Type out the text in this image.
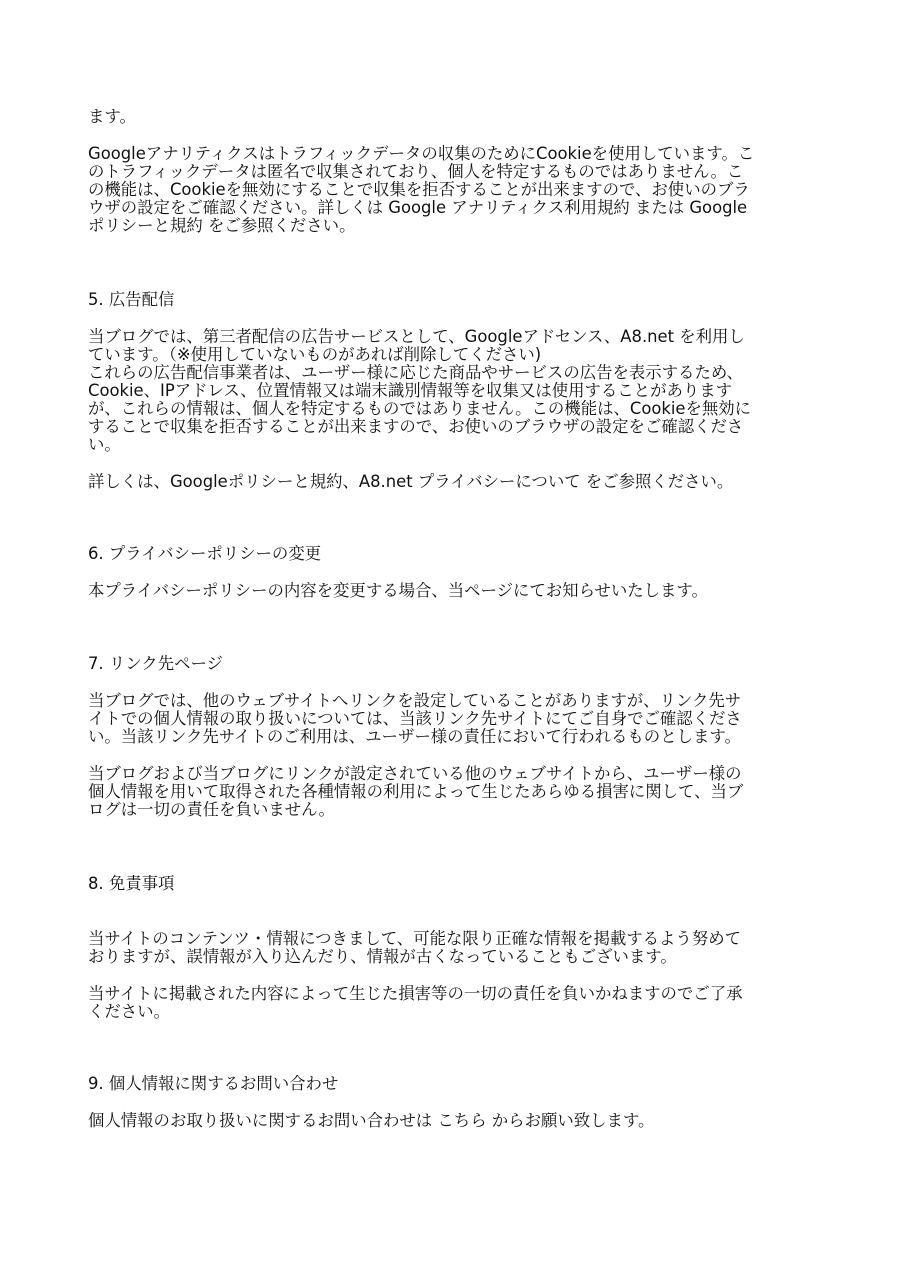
ます。
Googleアナリティクスはトラフィックデータの収集のためにCookieを使用しています。こ
のトラフィックデータは匿名で収集されており、個人を特定するものではありません。こ
の機能は、Cookieを無効にすることで収集を拒否することが出来ますので、お使いのブラ
ウザの設定をご確認ください。詳しくは Google アナリティクス利用規約 または Google
ポリシーと規約 をご参照ください。
5. 広告配信
当ブログでは、第三者配信の広告サービスとして、Googleアドセンス、A8.net を利用し
ています。（※使用していないものがあれば削除してください)
これらの広告配信事業者は、ユーザー様に応じた商品やサービスの広告を表示するため、
Cookie、IPアドレス、位置情報又は端末識別情報等を収集又は使用することがあります
が、これらの情報は、個人を特定するものではありません。この機能は、Cookieを無効に
することで収集を拒否することが出来ますので、お使いのブラウザの設定をご確認くださ
い。
詳しくは、Googleポリシーと規約、A8.net プライバシーについて をご参照ください。
6. プライバシーポリシーの変更
本プライバシーポリシーの内容を変更する場合、当ページにてお知らせいたします。
7. リンク先ページ
当ブログでは、他のウェブサイトへリンクを設定していることがありますが、リンク先サ
イトでの個人情報の取り扱いについては、当該リンク先サイトにてご自身でご確認くださ
い。当該リンク先サイトのご利用は、ユーザー様の責任において行われるものとします。
当ブログおよび当ブログにリンクが設定されている他のウェブサイトから、ユーザー様の
個人情報を用いて取得された各種情報の利用によって生じたあらゆる損害に関して、当ブ
ログは一切の責任を負いません。
8. 免責事項
当サイトのコンテンツ・情報につきまして、可能な限り正確な情報を掲載するよう努めて
おりますが、誤情報が入り込んだり、情報が古くなっていることもございます。
当サイトに掲載された内容によって生じた損害等の一切の責任を負いかねますのでご了承
ください。
9. 個人情報に関するお問い合わせ
個人情報のお取り扱いに関するお問い合わせは こちら からお願い致します。
